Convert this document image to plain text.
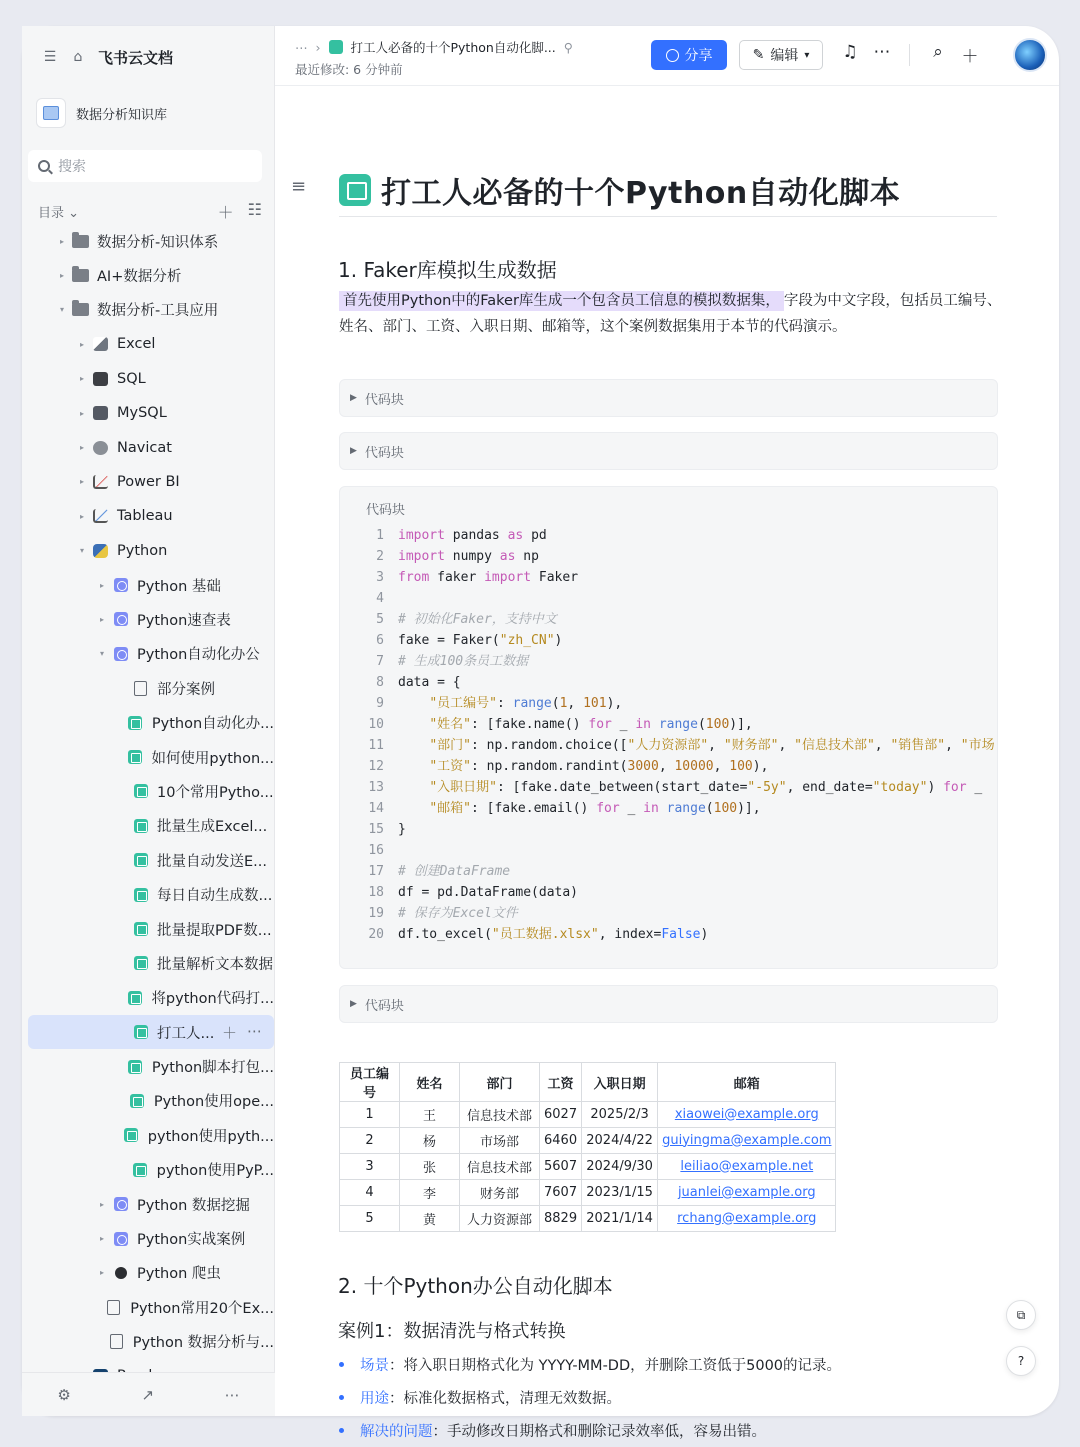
☰ ⌂ 飞书云文档
数据分析知识库
搜索
目录 ⌄	＋ ☷
▸ 数据分析-知识体系
▸ AI+数据分析
▾ 数据分析-工具应用
▸ Excel
▸ SQL
▸ MySQL
▸ Navicat
▸ Power BI
▸ Tableau
▾ Python
▸ Python 基础
▸ Python速查表
▾ Python自动化办公
部分案例
Python自动化办...
如何使用python...
10个常用Pytho...
批量生成Excel...
批量自动发送E...
每日自动生成数...
批量提取PDF数...
批量解析文本数据
将python代码打...
打工人... ＋ ⋯
Python脚本打包...
Python使用ope...
python使用pyth...
python使用PyP...
▸ Python 数据挖掘
▸ Python实战案例
▸ Python 爬虫
Python常用20个Ex...
Python 数据分析与...
⚙	↗	⋯
⋯ › 打工人必备的十个Python自动化脚... ⚲
最近修改: 6 分钟前
分享	✎ 编辑 ▾ ♫ ⋯	⌕	＋
≡ 打工人必备的十个Python自动化脚本
1. Faker库模拟生成数据
首先使用Python中的Faker库生成一个包含员工信息的模拟数据集， 字段为中文字段，包括员工编号、姓名、部门、工资、入职日期、邮箱等，这个案例数据集用于本节的代码演示。
▶ 代码块
▶ 代码块
代码块
1 import pandas as pd
2 import numpy as np
3 from faker import Faker
4
5 # 初始化Faker，支持中文
6 fake = Faker("zh_CN")
7 # 生成100条员工数据
8 data = {
9	"员工编号": range(1, 101),
10	"姓名": [fake.name() for _ in range(100)],
11	"部门": np.random.choice(["人力资源部", "财务部", "信息技术部", "销售部", "市场
12	"工资": np.random.randint(3000, 10000, 100),
13	"入职日期": [fake.date_between(start_date="-5y", end_date="today") for _
14	"邮箱": [fake.email() for _ in range(100)],
15 }
16
17 # 创建DataFrame
18 df = pd.DataFrame(data)
19 # 保存为Excel文件
20 df.to_excel("员工数据.xlsx", index=False)
▶ 代码块
员工编号	姓名	部门	工资	入职日期	邮箱
1	王	信息技术部	6027	2025/2/3	xiaowei@example.org
2	杨	市场部	6460	2024/4/22	guiyingma@example.com
3	张	信息技术部	5607	2024/9/30	leiliao@example.net
4	李	财务部	7607	2023/1/15	juanlei@example.org
5	黄	人力资源部	8829	2021/1/14	rchang@example.org
2. 十个Python办公自动化脚本
案例1：数据清洗与格式转换
场景 ： 将入职日期格式化为 YYYY-MM-DD，并删除工资低于5000的记录。
用途 ： 标准化数据格式，清理无效数据。
解决的问题 ： 手动修改日期格式和删除记录效率低，容易出错。
⧉
?
